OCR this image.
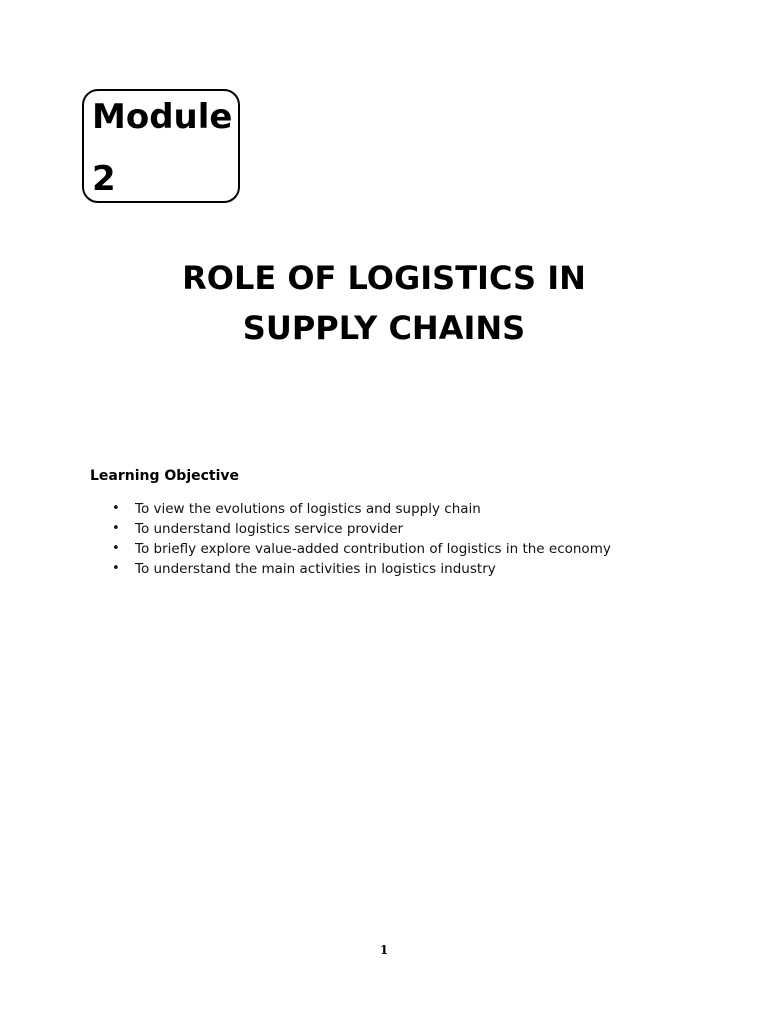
Module
2
ROLE OF LOGISTICS IN
SUPPLY CHAINS
Learning Objective
• To view the evolutions of logistics and supply chain
• To understand logistics service provider
• To briefly explore value-added contribution of logistics in the economy
• To understand the main activities in logistics industry
1
